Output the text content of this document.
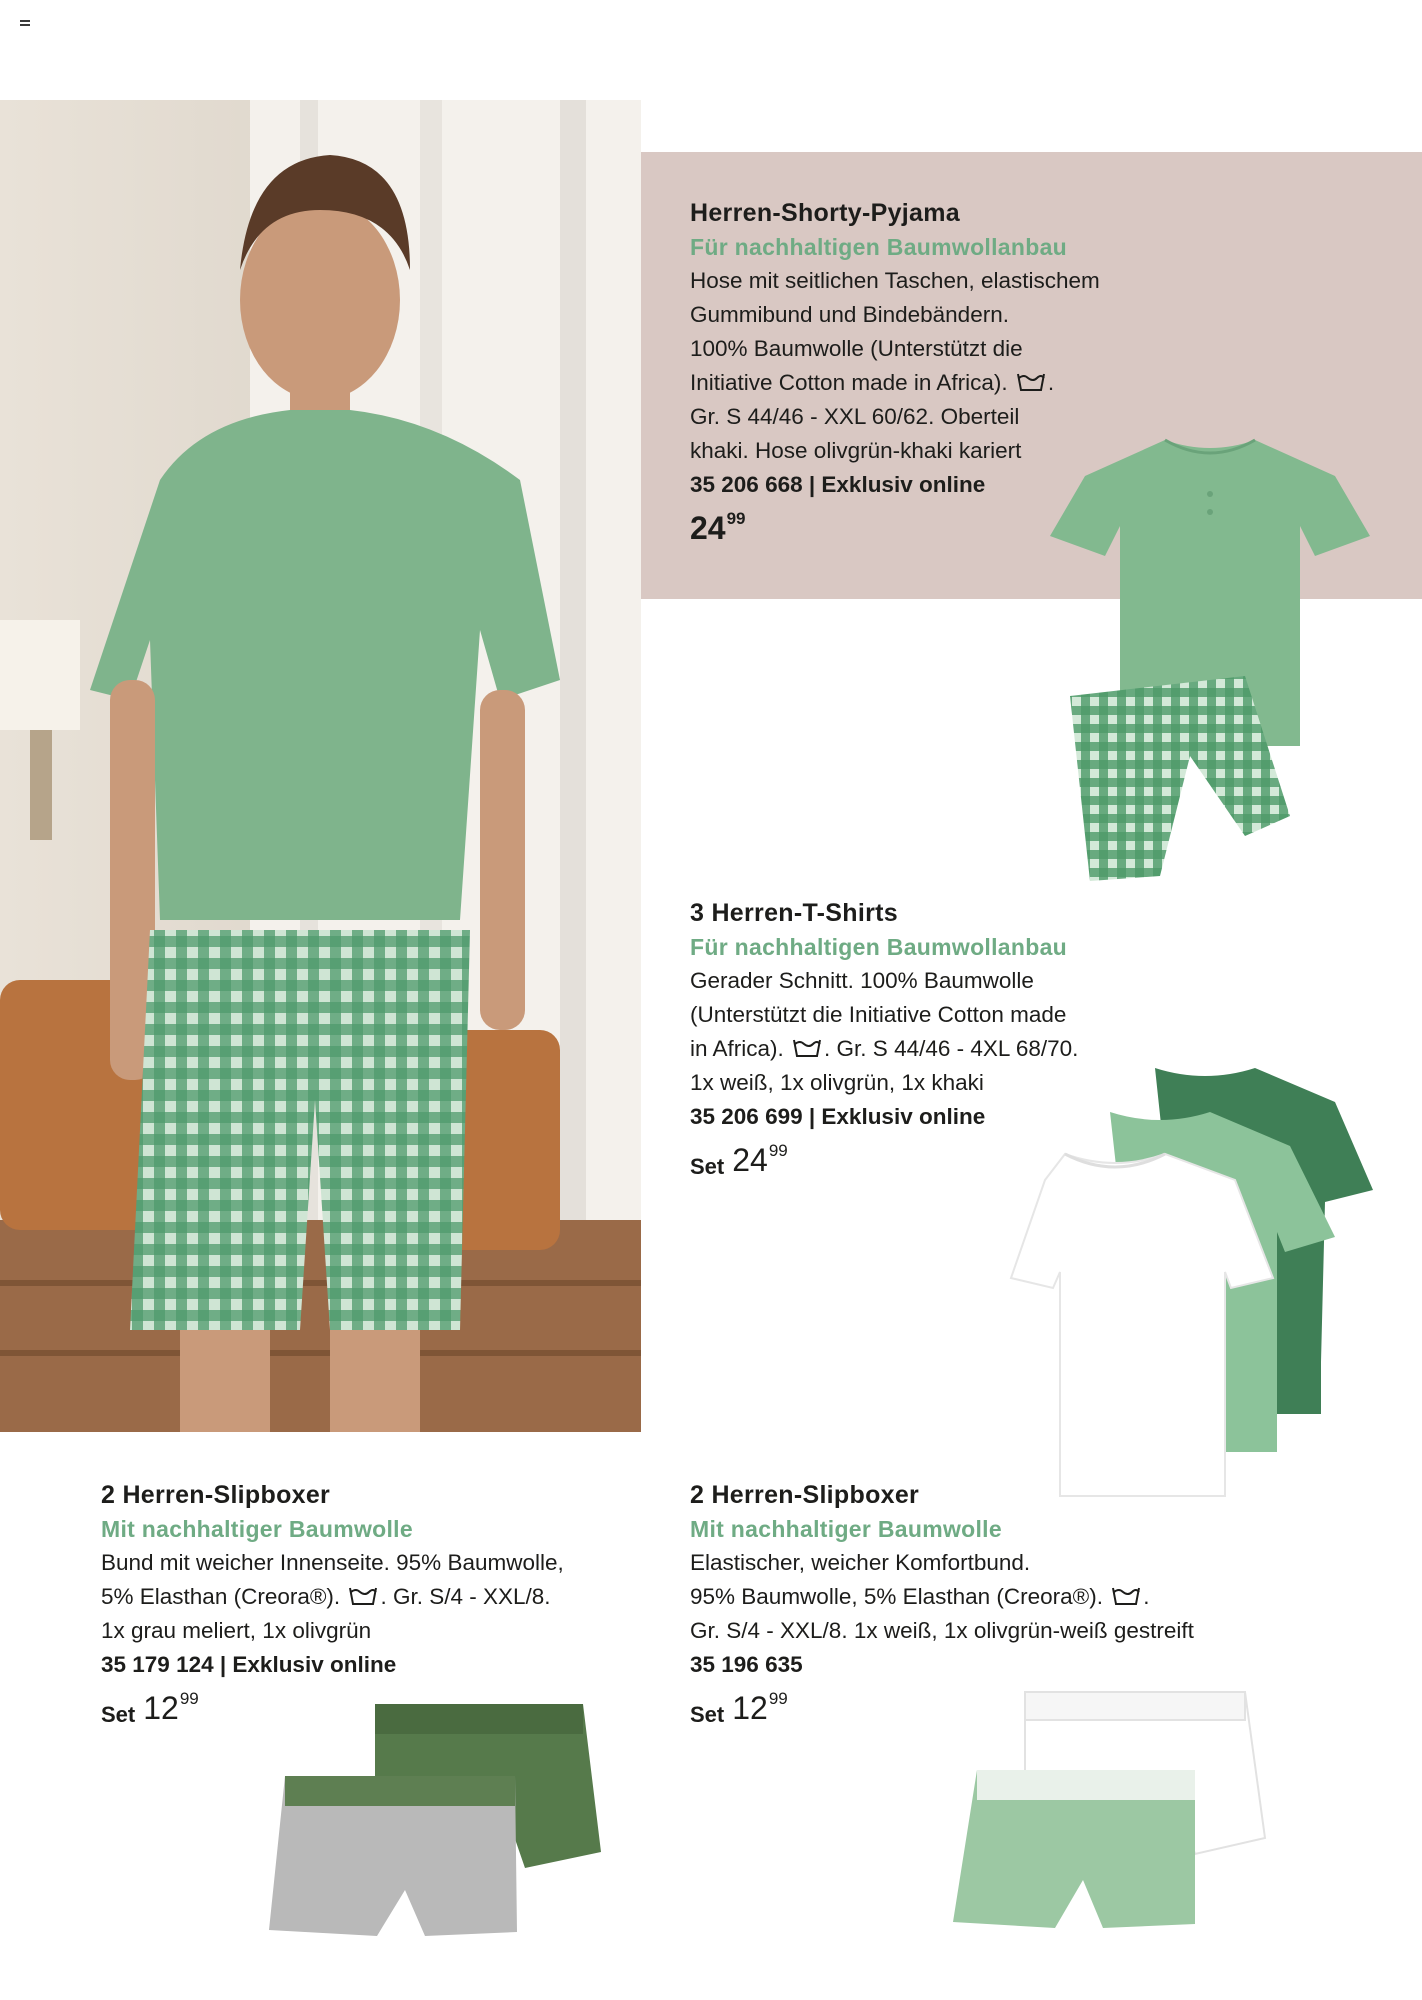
Herren-Shorty-Pyjama
Für nachhaltigen Baumwollanbau
Hose mit seitlichen Taschen, elastischem
Gummibund und Bindebändern.
100% Baumwolle (Unterstützt die
Initiative Cotton made in Africa). .
Gr. S 44/46 - XXL 60/62. Oberteil
khaki. Hose olivgrün-khaki kariert
35 206 668 | Exklusiv online
24 99
3 Herren-T-Shirts
Für nachhaltigen Baumwollanbau
Gerader Schnitt. 100% Baumwolle
(Unterstützt die Initiative Cotton made
in Africa). . Gr. S 44/46 - 4XL 68/70.
1x weiß, 1x olivgrün, 1x khaki
35 206 699 | Exklusiv online
Set 24 99
2 Herren-Slipboxer
Mit nachhaltiger Baumwolle
Bund mit weicher Innenseite. 95% Baumwolle,
5% Elasthan (Creora®). . Gr. S/4 - XXL/8.
1x grau meliert, 1x olivgrün
35 179 124 | Exklusiv online
Set 12 99
2 Herren-Slipboxer
Mit nachhaltiger Baumwolle
Elastischer, weicher Komfortbund.
95% Baumwolle, 5% Elasthan (Creora®). .
Gr. S/4 - XXL/8. 1x weiß, 1x olivgrün-weiß gestreift
35 196 635
Set 12 99
